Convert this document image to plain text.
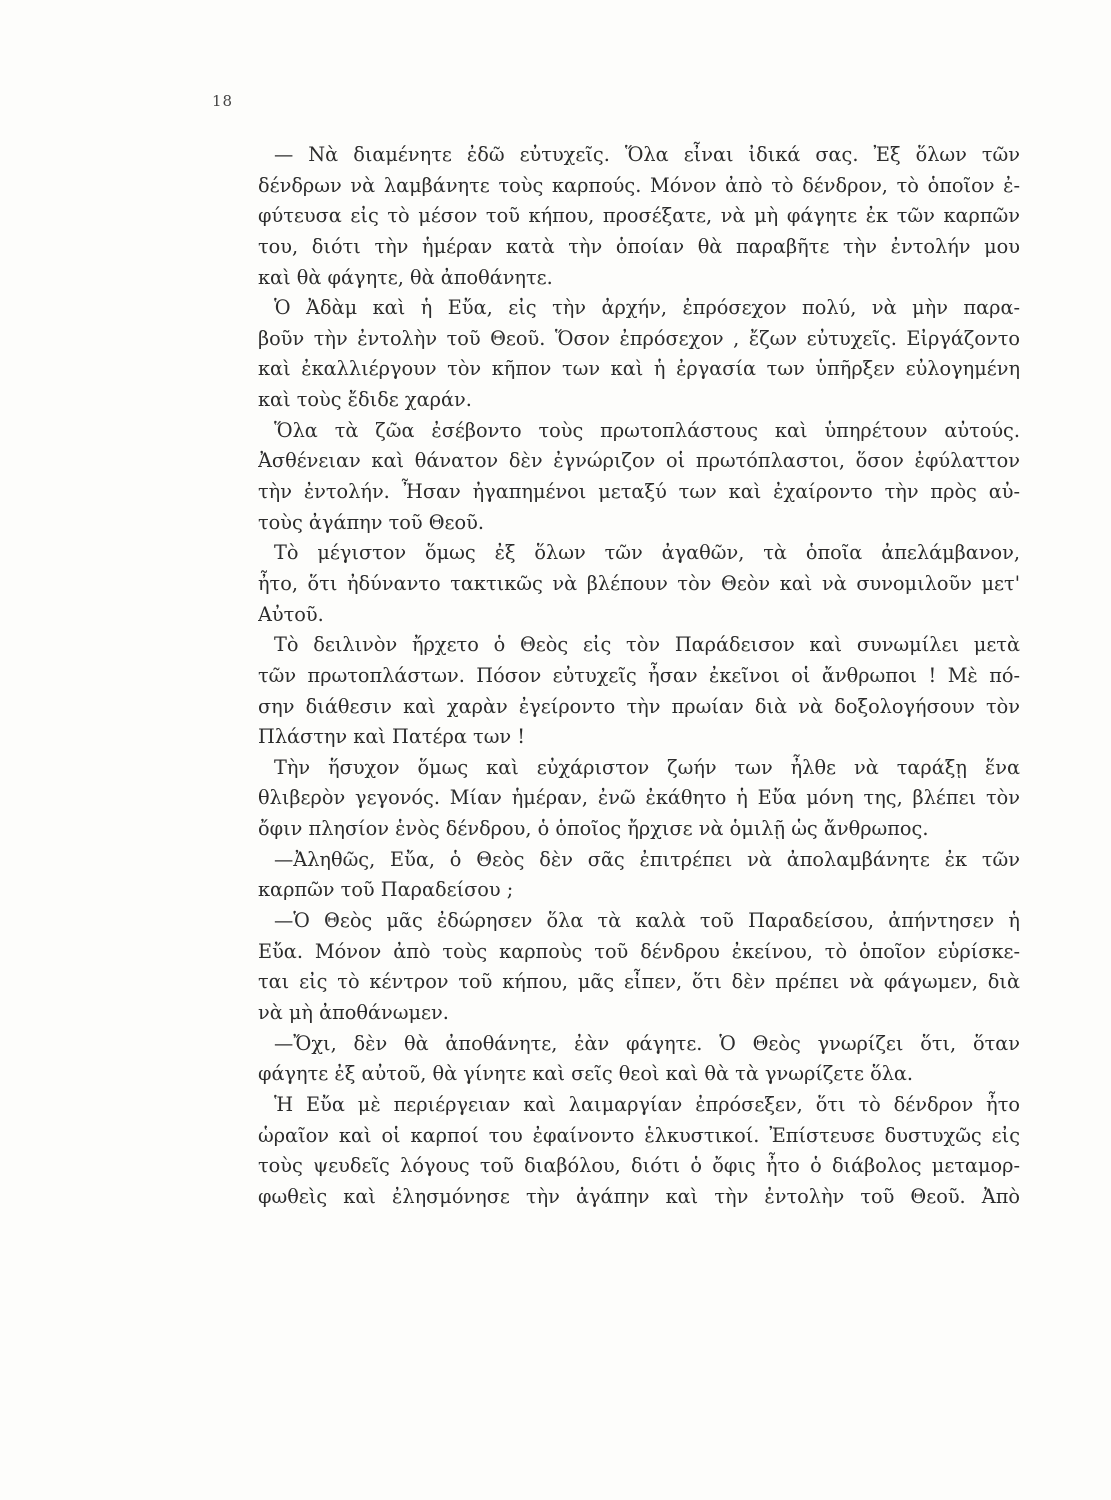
18
— Νὰ διαμένητε ἐδῶ εὐτυχεῖς. Ὅλα εἶναι ἰδικά σας. Ἐξ ὅλων τῶν
δένδρων νὰ λαμβάνητε τοὺς καρπούς. Μόνον ἀπὸ τὸ δένδρον, τὸ ὁποῖον ἐ-
φύτευσα εἰς τὸ μέσον τοῦ κήπου, προσέξατε, νὰ μὴ φάγητε ἐκ τῶν καρπῶν
του, διότι τὴν ἡμέραν κατὰ τὴν ὁποίαν θὰ παραβῆτε τὴν ἐντολήν μου
καὶ θὰ φάγητε, θὰ ἀποθάνητε.
Ὁ Ἀδὰμ καὶ ἡ Εὔα, εἰς τὴν ἀρχήν, ἐπρόσεχον πολύ, νὰ μὴν παρα-
βοῦν τὴν ἐντολὴν τοῦ Θεοῦ. Ὅσον ἐπρόσεχον , ἔζων εὐτυχεῖς. Εἰργάζοντο
καὶ ἐκαλλιέργουν τὸν κῆπον των καὶ ἡ ἐργασία των ὑπῆρξεν εὐλογημένη
καὶ τοὺς ἔδιδε χαράν.
Ὅλα τὰ ζῶα ἐσέβοντο τοὺς πρωτοπλάστους καὶ ὑπηρέτουν αὐτούς.
Ἀσθένειαν καὶ θάνατον δὲν ἐγνώριζον οἱ πρωτόπλαστοι, ὅσον ἐφύλαττον
τὴν ἐντολήν. Ἦσαν ἠγαπημένοι μεταξύ των καὶ ἐχαίροντο τὴν πρὸς αὐ-
τοὺς ἀγάπην τοῦ Θεοῦ.
Τὸ μέγιστον ὅμως ἐξ ὅλων τῶν ἀγαθῶν, τὰ ὁποῖα ἀπελάμβανον,
ἦτο, ὅτι ἠδύναντο τακτικῶς νὰ βλέπουν τὸν Θεὸν καὶ νὰ συνομιλοῦν μετ'
Αὐτοῦ.
Τὸ δειλινὸν ἤρχετο ὁ Θεὸς εἰς τὸν Παράδεισον καὶ συνωμίλει μετὰ
τῶν πρωτοπλάστων. Πόσον εὐτυχεῖς ἦσαν ἐκεῖνοι οἱ ἄνθρωποι ! Μὲ πό-
σην διάθεσιν καὶ χαρὰν ἐγείροντο τὴν πρωίαν διὰ νὰ δοξολογήσουν τὸν
Πλάστην καὶ Πατέρα των !
Τὴν ἥσυχον ὅμως καὶ εὐχάριστον ζωήν των ἦλθε νὰ ταράξῃ ἕνα
θλιβερὸν γεγονός. Μίαν ἡμέραν, ἐνῶ ἐκάθητο ἡ Εὔα μόνη της, βλέπει τὸν
ὄφιν πλησίον ἑνὸς δένδρου, ὁ ὁποῖος ἤρχισε νὰ ὁμιλῇ ὡς ἄνθρωπος.
—Ἀληθῶς, Εὔα, ὁ Θεὸς δὲν σᾶς ἐπιτρέπει νὰ ἀπολαμβάνητε ἐκ τῶν
καρπῶν τοῦ Παραδείσου ;
—Ὁ Θεὸς μᾶς ἐδώρησεν ὅλα τὰ καλὰ τοῦ Παραδείσου, ἀπήντησεν ἡ
Εὔα. Μόνον ἀπὸ τοὺς καρποὺς τοῦ δένδρου ἐκείνου, τὸ ὁποῖον εὑρίσκε-
ται εἰς τὸ κέντρον τοῦ κήπου, μᾶς εἶπεν, ὅτι δὲν πρέπει νὰ φάγωμεν, διὰ
νὰ μὴ ἀποθάνωμεν.
—Ὄχι, δὲν θὰ ἀποθάνητε, ἐὰν φάγητε. Ὁ Θεὸς γνωρίζει ὅτι, ὅταν
φάγητε ἐξ αὐτοῦ, θὰ γίνητε καὶ σεῖς θεοὶ καὶ θὰ τὰ γνωρίζετε ὅλα.
Ἡ Εὔα μὲ περιέργειαν καὶ λαιμαργίαν ἐπρόσεξεν, ὅτι τὸ δένδρον ἦτο
ὡραῖον καὶ οἱ καρποί του ἐφαίνοντο ἑλκυστικοί. Ἐπίστευσε δυστυχῶς εἰς
τοὺς ψευδεῖς λόγους τοῦ διαβόλου, διότι ὁ ὄφις ἦτο ὁ διάβολος μεταμορ-
φωθεὶς καὶ ἐλησμόνησε τὴν ἀγάπην καὶ τὴν ἐντολὴν τοῦ Θεοῦ. Ἀπὸ
